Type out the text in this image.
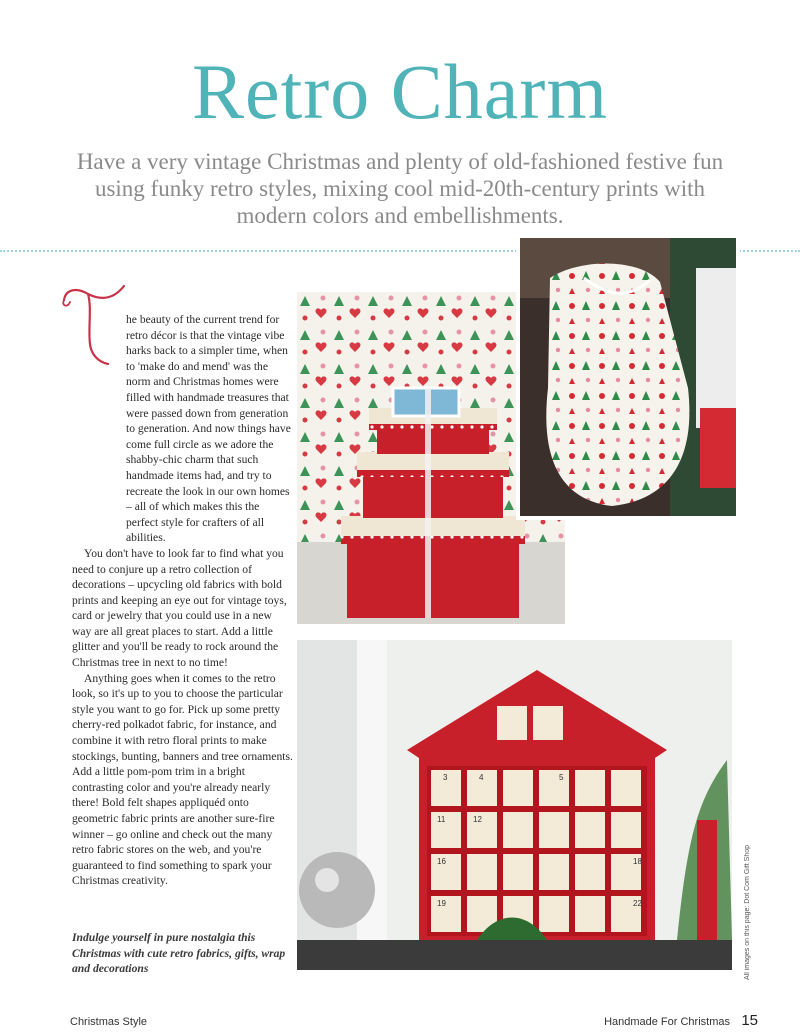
Retro Charm
Have a very vintage Christmas and plenty of old-fashioned festive fun using funky retro styles, mixing cool mid-20th-century prints with modern colors and embellishments.

he beauty of the current trend for retro décor is that the vintage vibe harks back to a simpler time, when to 'make do and mend' was the norm and Christmas homes were filled with handmade treasures that were passed down from generation to generation. And now things have come full circle as we adore the shabby-chic charm that such handmade items had, and try to recreate the look in our own homes – all of which makes this the perfect style for crafters of all abilities.

You don't have to look far to find what you need to conjure up a retro collection of decorations – upcycling old fabrics with bold prints and keeping an eye out for vintage toys, card or jewelry that you could use in a new way are all great places to start. Add a little glitter and you'll be ready to rock around the Christmas tree in next to no time!

Anything goes when it comes to the retro look, so it's up to you to choose the particular style you want to go for. Pick up some pretty cherry-red polkadot fabric, for instance, and combine it with retro floral prints to make stockings, bunting, banners and tree ornaments. Add a little pom-pom trim in a bright contrasting color and you're already nearly there! Bold felt shapes appliquéd onto geometric fabric prints are another sure-fire winner – go online and check out the many retro fabric stores on the web, and you're guaranteed to find something to spark your Christmas creativity.

Indulge yourself in pure nostalgia this Christmas with cute retro fabrics, gifts, wrap and decorations
3	4	5
11	12
16	18
19	22	All images on this page: Dot Com Gift Shop
Christmas Style	Handmade For Christmas 15
